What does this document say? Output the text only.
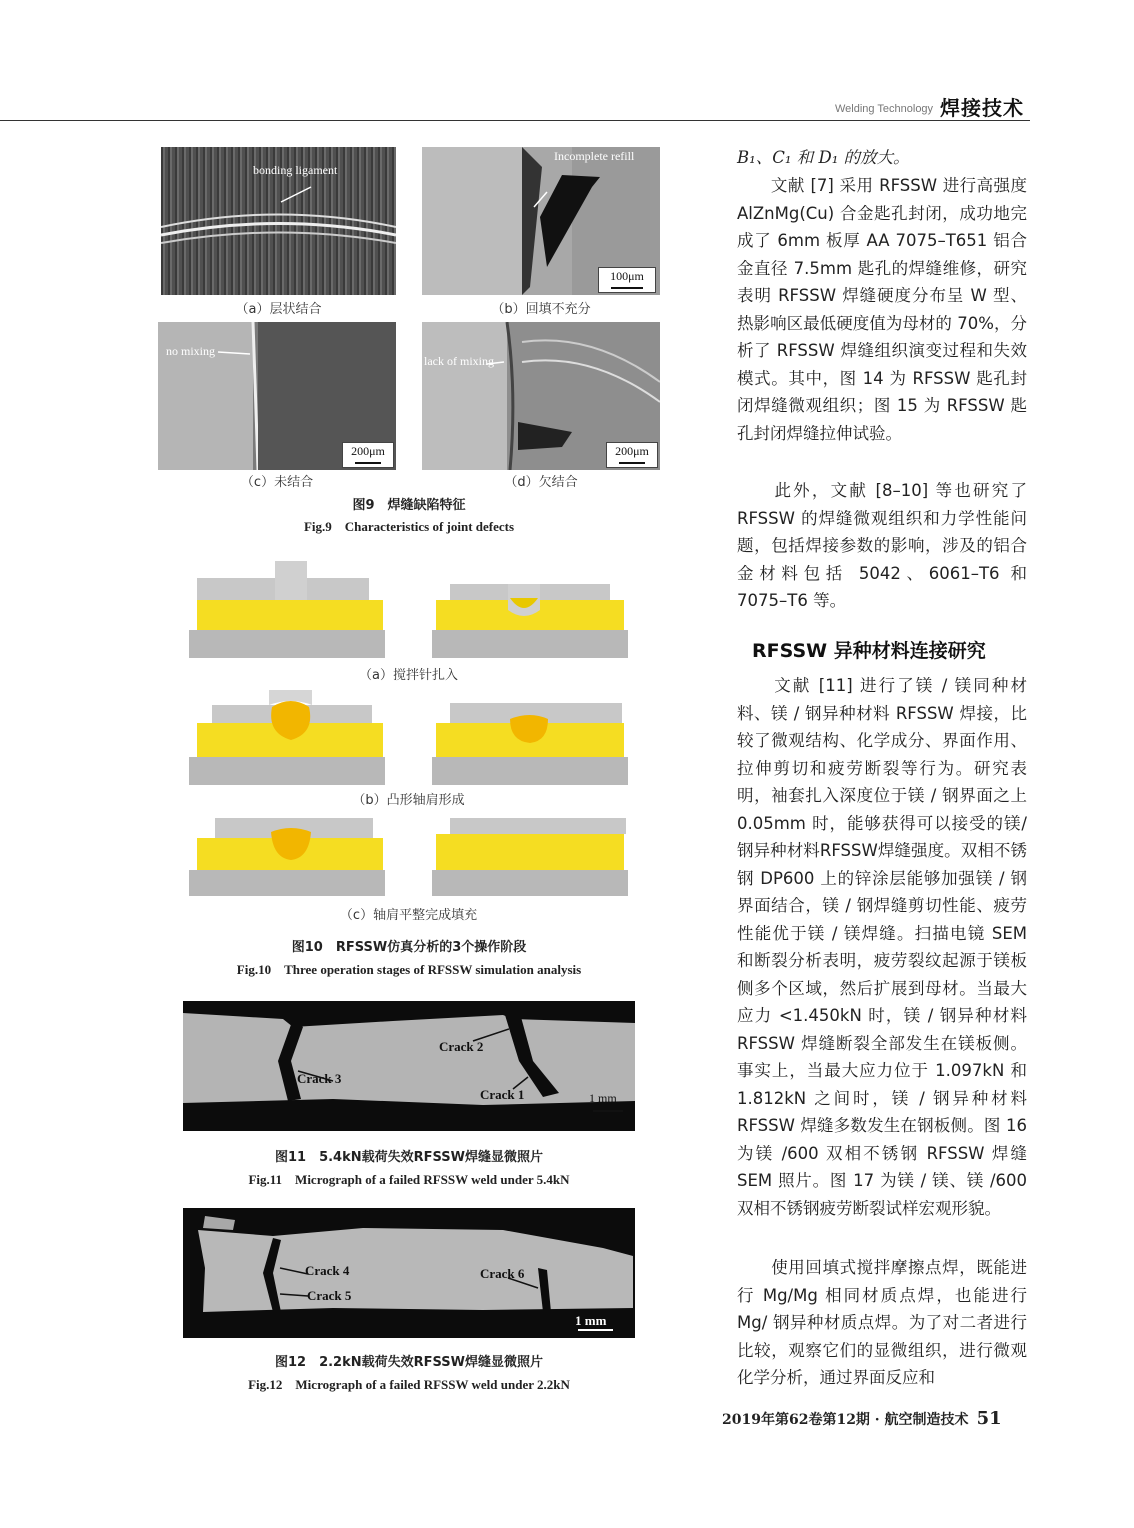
Welding Technology 焊接技术
bonding ligament
（a）层状结合
Incomplete refill
100μm
（b）回填不充分
no mixing
200μm
（c）未结合
lack of mixing
200μm
（d）欠结合
图9　焊缝缺陷特征
Fig.9　Characteristics of joint defects
（a）搅拌针扎入
（b）凸形轴肩形成
（c）轴肩平整完成填充
图10　RFSSW仿真分析的3个操作阶段
Fig.10　Three operation stages of RFSSW simulation analysis
Crack 2
Crack 3
Crack 1	1 mm
图11　5.4kN载荷失效RFSSW焊缝显微照片
Fig.11　Micrograph of a failed RFSSW weld under 5.4kN
Crack 4
Crack 5
Crack 6
1 mm
图12　2.2kN载荷失效RFSSW焊缝显微照片
Fig.12　Micrograph of a failed RFSSW weld under 2.2kN
B₁、C₁ 和 D₁ 的放大。
　　文献 [7] 采用 RFSSW 进行高强度 AlZnMg(Cu) 合金匙孔封闭，成功地完成了 6mm 板厚 AA 7075–T651 铝合金直径 7.5mm 匙孔的焊缝维修，研究表明 RFSSW 焊缝硬度分布呈 W 型、热影响区最低硬度值为母材的 70%，分析了 RFSSW 焊缝组织演变过程和失效模式。其中，图 14 为 RFSSW 匙孔封闭焊缝微观组织；图 15 为 RFSSW 匙孔封闭焊缝拉伸试验。
　　此外，文献 [8–10] 等也研究了 RFSSW 的焊缝微观组织和力学性能问题，包括焊接参数的影响，涉及的铝合金材料包括 5042、6061–T6 和 7075–T6 等。
RFSSW 异种材料连接研究
　　文献 [11] 进行了镁 / 镁同种材料、镁 / 钢异种材料 RFSSW 焊接，比较了微观结构、化学成分、界面作用、拉伸剪切和疲劳断裂等行为。研究表明，袖套扎入深度位于镁 / 钢界面之上 0.05mm 时，能够获得可以接受的镁/钢异种材料RFSSW焊缝强度。双相不锈钢 DP600 上的锌涂层能够加强镁 / 钢界面结合，镁 / 钢焊缝剪切性能、疲劳性能优于镁 / 镁焊缝。扫描电镜 SEM 和断裂分析表明，疲劳裂纹起源于镁板侧多个区域，然后扩展到母材。当最大应力 <1.450kN 时，镁 / 钢异种材料 RFSSW 焊缝断裂全部发生在镁板侧。事实上，当最大应力位于 1.097kN 和 1.812kN 之间时，镁 / 钢异种材料 RFSSW 焊缝多数发生在钢板侧。图 16 为镁 /600 双相不锈钢 RFSSW 焊缝 SEM 照片。图 17 为镁 / 镁、镁 /600 双相不锈钢疲劳断裂试样宏观形貌。
　　使用回填式搅拌摩擦点焊，既能进行 Mg/Mg 相同材质点焊，也能进行 Mg/ 钢异种材质点焊。为了对二者进行比较，观察它们的显微组织，进行微观化学分析，通过界面反应和
2019年第62卷第12期 · 航空制造技术 51
